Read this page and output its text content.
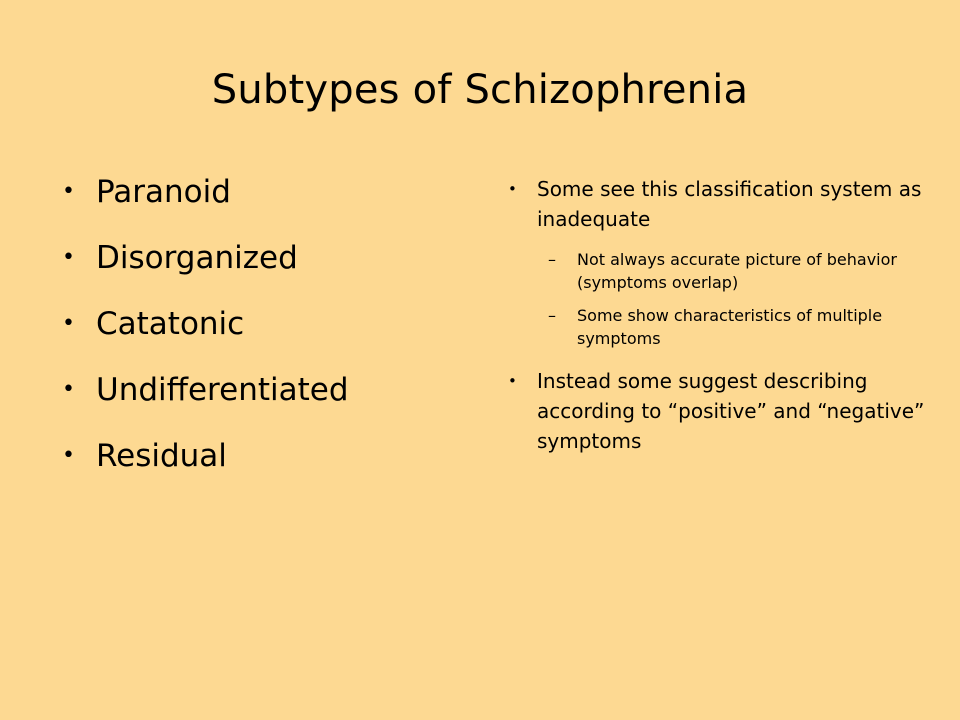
Subtypes of Schizophrenia
• Paranoid
• Disorganized
• Catatonic
• Undifferentiated
• Residual
• Some see this classification system as inadequate
– Not always accurate picture of behavior (symptoms overlap)
– Some show characteristics of multiple symptoms
• Instead some suggest describing according to “positive” and “negative” symptoms
